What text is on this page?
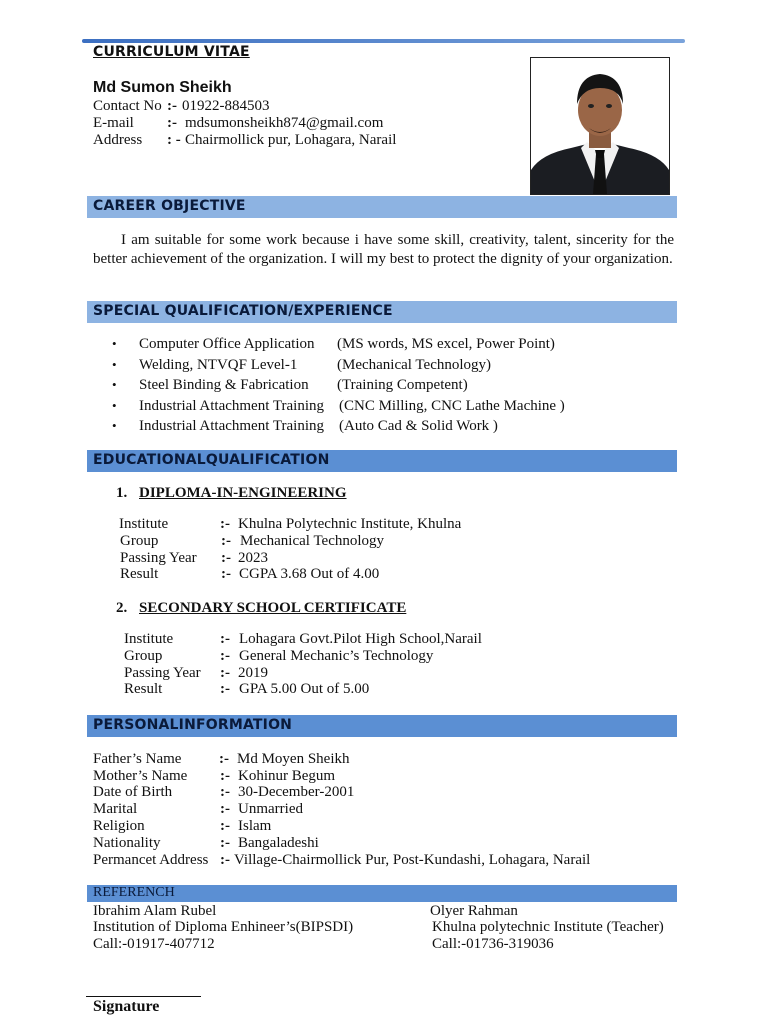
CURRICULUM VITAE
Md Sumon Sheikh
Contact No :- 01922-884503
E-mail :- mdsumonsheikh874@gmail.com
Address : - Chairmollick pur, Lohagara, Narail
CAREER OBJECTIVE
I am suitable for some work because i have some skill, creativity, talent, sincerity for the better achievement of the organization. I will my best to protect the dignity of your organization.
SPECIAL QUALIFICATION/EXPERIENCE
• Computer Office Application (MS words, MS excel, Power Point)
• Welding, NTVQF Level-1	(Mechanical Technology)
• Steel Binding & Fabrication (Training Competent)
• Industrial Attachment Training (CNC Milling, CNC Lathe Machine )
• Industrial Attachment Training (Auto Cad & Solid Work )
EDUCATIONALQUALIFICATION
1. DIPLOMA-IN-ENGINEERING
Institute	:- Khulna Polytechnic Institute, Khulna
Group	:- Mechanical Technology
Passing Year :- 2023
Result	:- CGPA 3.68 Out of 4.00
2. SECONDARY SCHOOL CERTIFICATE
Institute	:- Lohagara Govt.Pilot High School,Narail
Group	:- General Mechanic’s Technology
Passing Year :- 2019
Result	:- GPA 5.00 Out of 5.00
PERSONALINFORMATION
Father’s Name	:- Md Moyen Sheikh
Mother’s Name :- Kohinur Begum
Date of Birth	:- 30-December-2001
Marital	:- Unmarried
Religion	:- Islam
Nationality	:- Bangaladeshi
Permancet Address :- Village-Chairmollick Pur, Post-Kundashi, Lohagara, Narail
REFERENCH
Ibrahim Alam Rubel
Institution of Diploma Enhineer’s(BIPSDI)
Call:-01917-407712
Olyer Rahman
Khulna polytechnic Institute (Teacher)
Call:-01736-319036
Signature
